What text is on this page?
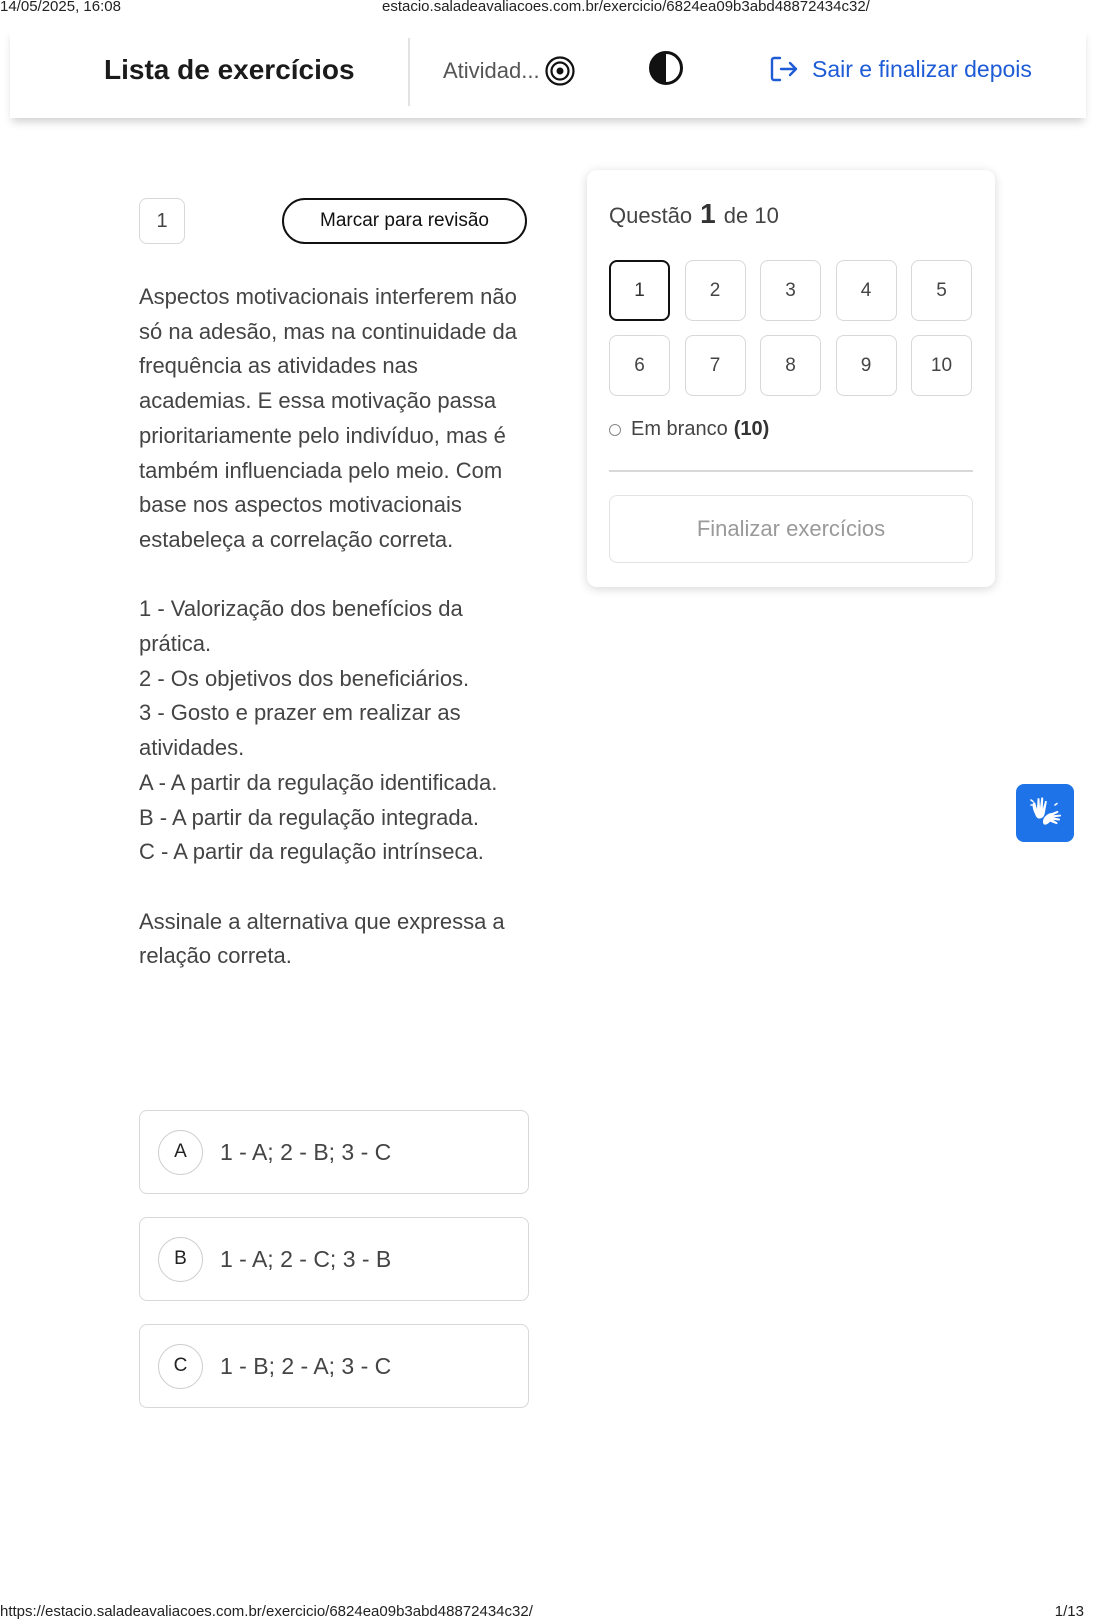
14/05/2025, 16:08	estacio.saladeavaliacoes.com.br/exercicio/6824ea09b3abd48872434c32/
Lista de exercícios	Atividad...	Sair e finalizar depois
1	Marcar para revisão

Aspectos motivacionais interferem não só na adesão, mas na continuidade da frequência as atividades nas academias. E essa motivação passa prioritariamente pelo indivíduo, mas é também influenciada pelo meio. Com base nos aspectos motivacionais estabeleça a correlação correta.

1 - Valorização dos benefícios da prática.

2 - Os objetivos dos beneficiários.

3 - Gosto e prazer em realizar as atividades.

A - A partir da regulação identificada.

B - A partir da regulação integrada.

C - A partir da regulação intrínseca.

Assinale a alternativa que expressa a relação correta.

A	1 - A; 2 - B; 3 - C
B	1 - A; 2 - C; 3 - B
C	1 - B; 2 - A; 3 - C
Questão 1 de 10
1	2	3	4	5
6	7	8	9	10
Em branco (10)
Finalizar exercícios
https://estacio.saladeavaliacoes.com.br/exercicio/6824ea09b3abd48872434c32/	1/13
